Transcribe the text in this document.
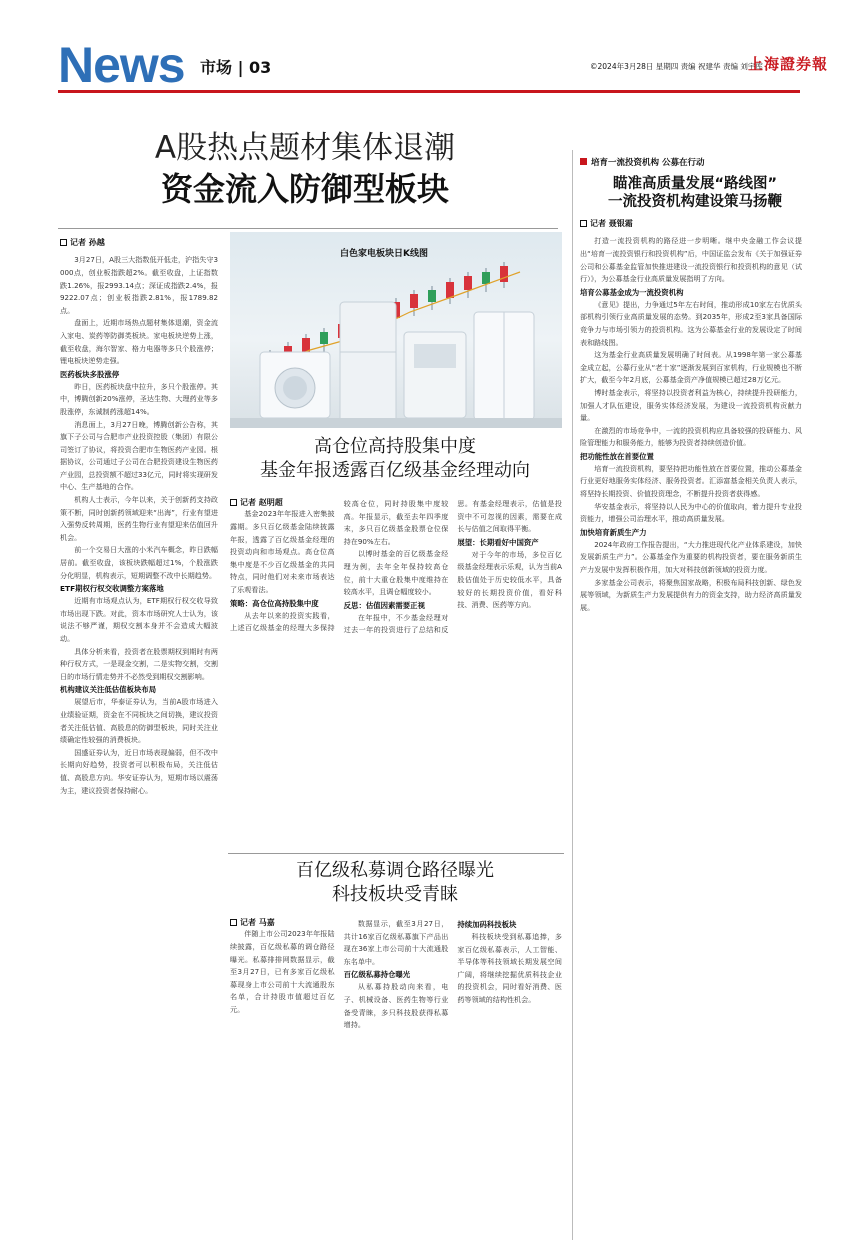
News 市场 | 03	©2024年3月28日 星期四 责编 祝建华 责编 刘宇库
上海證券報
A股热点题材集体退潮
资金流入防御型板块
记者 孙越

3月27日，A股三大指数低开低走，沪指失守3000点，创业板指跌超2%。截至收盘，上证指数跌1.26%，报2993.14点；深证成指跌2.4%，报9222.07点；创业板指跌2.81%，报1789.82点。

盘面上，近期市场热点题材集体退潮，资金流入家电、炭药等防御类板块。家电板块逆势上涨，截至收盘，海尔智家、格力电器等多只个股涨停；锂电板块逆势走强。

医药板块多股涨停

昨日，医药板块盘中拉升，多只个股涨停。其中，博腾创新20%涨停，圣达生物、大理药业等多股涨停，东诚制药涨超14%。

消息面上，3月27日晚，博腾创新公告称，其旗下子公司与合肥市产业投资控股（集团）有限公司签订了协议，将投资合肥市生物医药产业园。根据协议，公司通过子公司在合肥投资建设生物医药产业园，总投资额不超过33亿元，同时将实现研发中心、生产基地的合作。

机构人士表示，今年以来，关于创新药支持政策不断，同时创新药领域迎来“出海”，行业有望进入强势反转周期，医药生物行业有望迎来估值回升机会。

前一个交易日大涨的小米汽车概念，昨日跌幅居前。截至收盘，该板块跌幅超过1%，个股涨跌分化明显，机构表示，短期调整不改中长期趋势。

ETF期权行权交收调整方案落地

近期有市场观点认为，ETF期权行权交收导致市场出现下跌。对此，资本市场研究人士认为，该说法不够严谨，期权交割本身并不会造成大幅波动。

具体分析来看，投资者在股票期权到期时有两种行权方式，一是现金交割，二是实物交割，交割日的市场行情走势并不必然受到期权交割影响。

机构建议关注低估值板块布局

展望后市，华泰证券认为，当前A股市场进入业绩验证期，资金在不同板块之间切换，建议投资者关注低估值、高股息的防御型板块，同时关注业绩确定性较强的消费板块。

国盛证券认为，近日市场表现偏弱，但不改中长期向好趋势，投资者可以积极布局，关注低估值、高股息方向。华安证券认为，短期市场以震荡为主，建议投资者保持耐心。

白色家电板块日K线图
高仓位高持股集中度
基金年报透露百亿级基金经理动向
记者 赵明超

基金2023年年报进入密集披露期。多只百亿级基金陆续披露年报，透露了百亿级基金经理的投资动向和市场观点。高仓位高集中度是不少百亿级基金的共同特点，同时他们对未来市场表达了乐观看法。

策略：高仓位高持股集中度

从去年以来的投资实践看，上述百亿级基金的经理大多保持较高仓位，同时持股集中度较高。年报显示，截至去年四季度末，多只百亿级基金股票仓位保持在90%左右。

以博时基金的百亿级基金经理为例，去年全年保持较高仓位，前十大重仓股集中度维持在较高水平，且调仓幅度较小。

反思：估值因素需要正视

在年报中，不少基金经理对过去一年的投资进行了总结和反思。有基金经理表示，估值是投资中不可忽视的因素，需要在成长与估值之间取得平衡。

展望：长期看好中国资产

对于今年的市场，多位百亿级基金经理表示乐观，认为当前A股估值处于历史较低水平，具备较好的长期投资价值，看好科技、消费、医药等方向。

百亿级私募调仓路径曝光
科技板块受青睐
记者 马嘉

伴随上市公司2023年年报陆续披露，百亿级私募的调仓路径曝光。私募排排网数据显示，截至3月27日，已有多家百亿级私募现身上市公司前十大流通股东名单，合计持股市值超过百亿元。

数据显示，截至3月27日，共计16家百亿级私募旗下产品出现在36家上市公司前十大流通股东名单中。

百亿级私募持仓曝光

从私募持股动向来看，电子、机械设备、医药生物等行业备受青睐，多只科技股获得私募增持。

持续加码科技板块

科技板块受到私募追捧，多家百亿级私募表示，人工智能、半导体等科技领域长期发展空间广阔，将继续挖掘优质科技企业的投资机会，同时看好消费、医药等领域的结构性机会。

培育一流投资机构 公募在行动
瞄准高质量发展“路线图”
一流投资机构建设策马扬鞭
记者 聂银霜

打造一流投资机构的路径进一步明晰。继中央金融工作会议提出“培育一流投资银行和投资机构”后，中国证监会发布《关于加强证券公司和公募基金监管加快推进建设一流投资银行和投资机构的意见（试行）》，为公募基金行业高质量发展指明了方向。

培育公募基金成为一流投资机构

《意见》提出，力争通过5年左右时间，推动形成10家左右优质头部机构引领行业高质量发展的态势。到2035年，形成2至3家具备国际竞争力与市场引领力的投资机构。这为公募基金行业的发展设定了时间表和路线图。

这为基金行业高质量发展明确了时间表。从1998年第一家公募基金成立起，公募行业从“老十家”逐渐发展到百家机构，行业规模也不断扩大，截至今年2月底，公募基金资产净值规模已超过28万亿元。

博时基金表示，将坚持以投资者利益为核心，持续提升投研能力，加强人才队伍建设，服务实体经济发展，为建设一流投资机构贡献力量。

在激烈的市场竞争中，一流的投资机构应具备较强的投研能力、风险管理能力和服务能力，能够为投资者持续创造价值。

把功能性放在首要位置

培育一流投资机构，要坚持把功能性放在首要位置，推动公募基金行业更好地服务实体经济、服务投资者。汇添富基金相关负责人表示，将坚持长期投资、价值投资理念，不断提升投资者获得感。

华安基金表示，将坚持以人民为中心的价值取向，着力提升专业投资能力，增强公司治理水平，推动高质量发展。

加快培育新质生产力

2024年政府工作报告提出，“大力推进现代化产业体系建设，加快发展新质生产力”。公募基金作为重要的机构投资者，要在服务新质生产力发展中发挥积极作用，加大对科技创新领域的投资力度。

多家基金公司表示，将聚焦国家战略，积极布局科技创新、绿色发展等领域，为新质生产力发展提供有力的资金支持，助力经济高质量发展。
